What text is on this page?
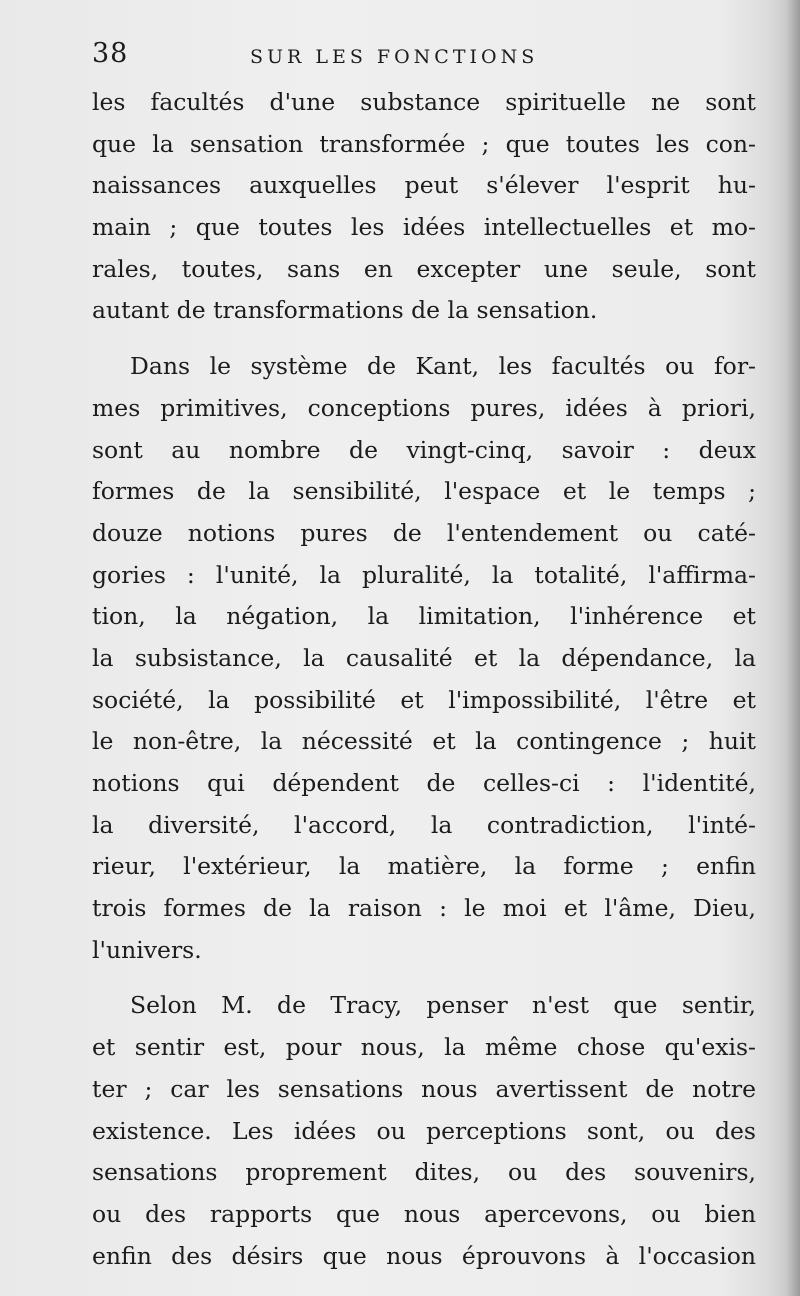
38	SUR LES FONCTIONS
les facultés d'une substance spirituelle ne sont
que la sensation transformée ; que toutes les con-
naissances auxquelles peut s'élever l'esprit hu-
main ; que toutes les idées intellectuelles et mo-
rales, toutes, sans en excepter une seule, sont
autant de transformations de la sensation.
Dans le système de Kant, les facultés ou for-
mes primitives, conceptions pures, idées à priori,
sont au nombre de vingt-cinq, savoir : deux
formes de la sensibilité, l'espace et le temps ;
douze notions pures de l'entendement ou caté-
gories : l'unité, la pluralité, la totalité, l'affirma-
tion, la négation, la limitation, l'inhérence et
la subsistance, la causalité et la dépendance, la
société, la possibilité et l'impossibilité, l'être et
le non-être, la nécessité et la contingence ; huit
notions qui dépendent de celles-ci : l'identité,
la diversité, l'accord, la contradiction, l'inté-
rieur, l'extérieur, la matière, la forme ; enfin
trois formes de la raison : le moi et l'âme, Dieu,
l'univers.
Selon M. de Tracy, penser n'est que sentir,
et sentir est, pour nous, la même chose qu'exis-
ter ; car les sensations nous avertissent de notre
existence. Les idées ou perceptions sont, ou des
sensations proprement dites, ou des souvenirs,
ou des rapports que nous apercevons, ou bien
enfin des désirs que nous éprouvons à l'occasion
